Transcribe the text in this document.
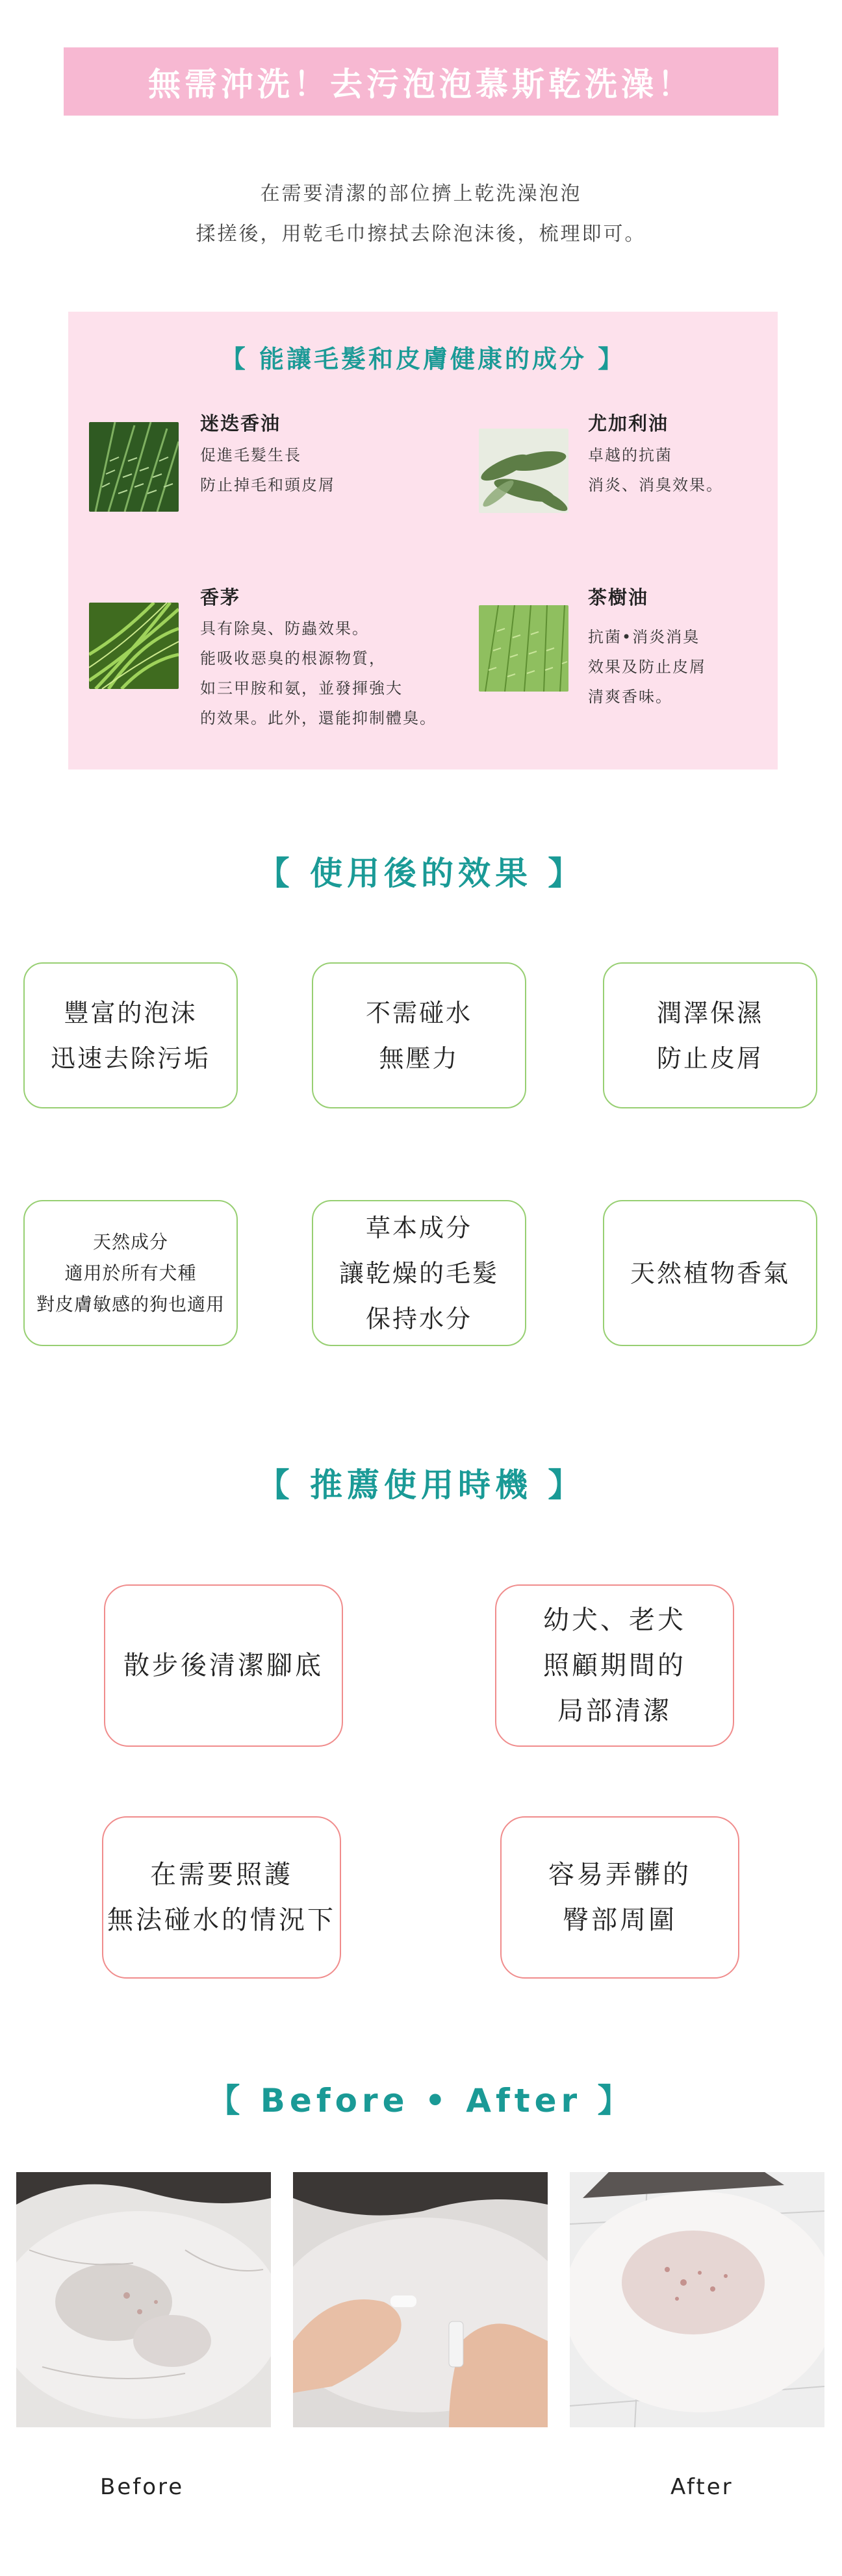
無需沖洗！去污泡泡慕斯乾洗澡！
在需要清潔的部位擠上乾洗澡泡泡
揉搓後，用乾毛巾擦拭去除泡沫後，梳理即可。
【 能讓毛髮和皮膚健康的成分 】
迷迭香油
促進毛髮生長
防止掉毛和頭皮屑
尤加利油
卓越的抗菌
消炎、消臭效果。
香茅
具有除臭、防蟲效果。
能吸收惡臭的根源物質，
如三甲胺和氨，並發揮強大
的效果。此外，還能抑制體臭。
茶樹油
抗菌•消炎消臭
效果及防止皮屑
清爽香味。
【 使用後的效果 】
豐富的泡沫
迅速去除污垢
不需碰水
無壓力
潤澤保濕
防止皮屑
天然成分
適用於所有犬種
對皮膚敏感的狗也適用
草本成分
讓乾燥的毛髮
保持水分
天然植物香氣
【 推薦使用時機 】
散步後清潔腳底
幼犬、老犬
照顧期間的
局部清潔
在需要照護
無法碰水的情況下
容易弄髒的
臀部周圍
【 Before • After 】
Before	After
